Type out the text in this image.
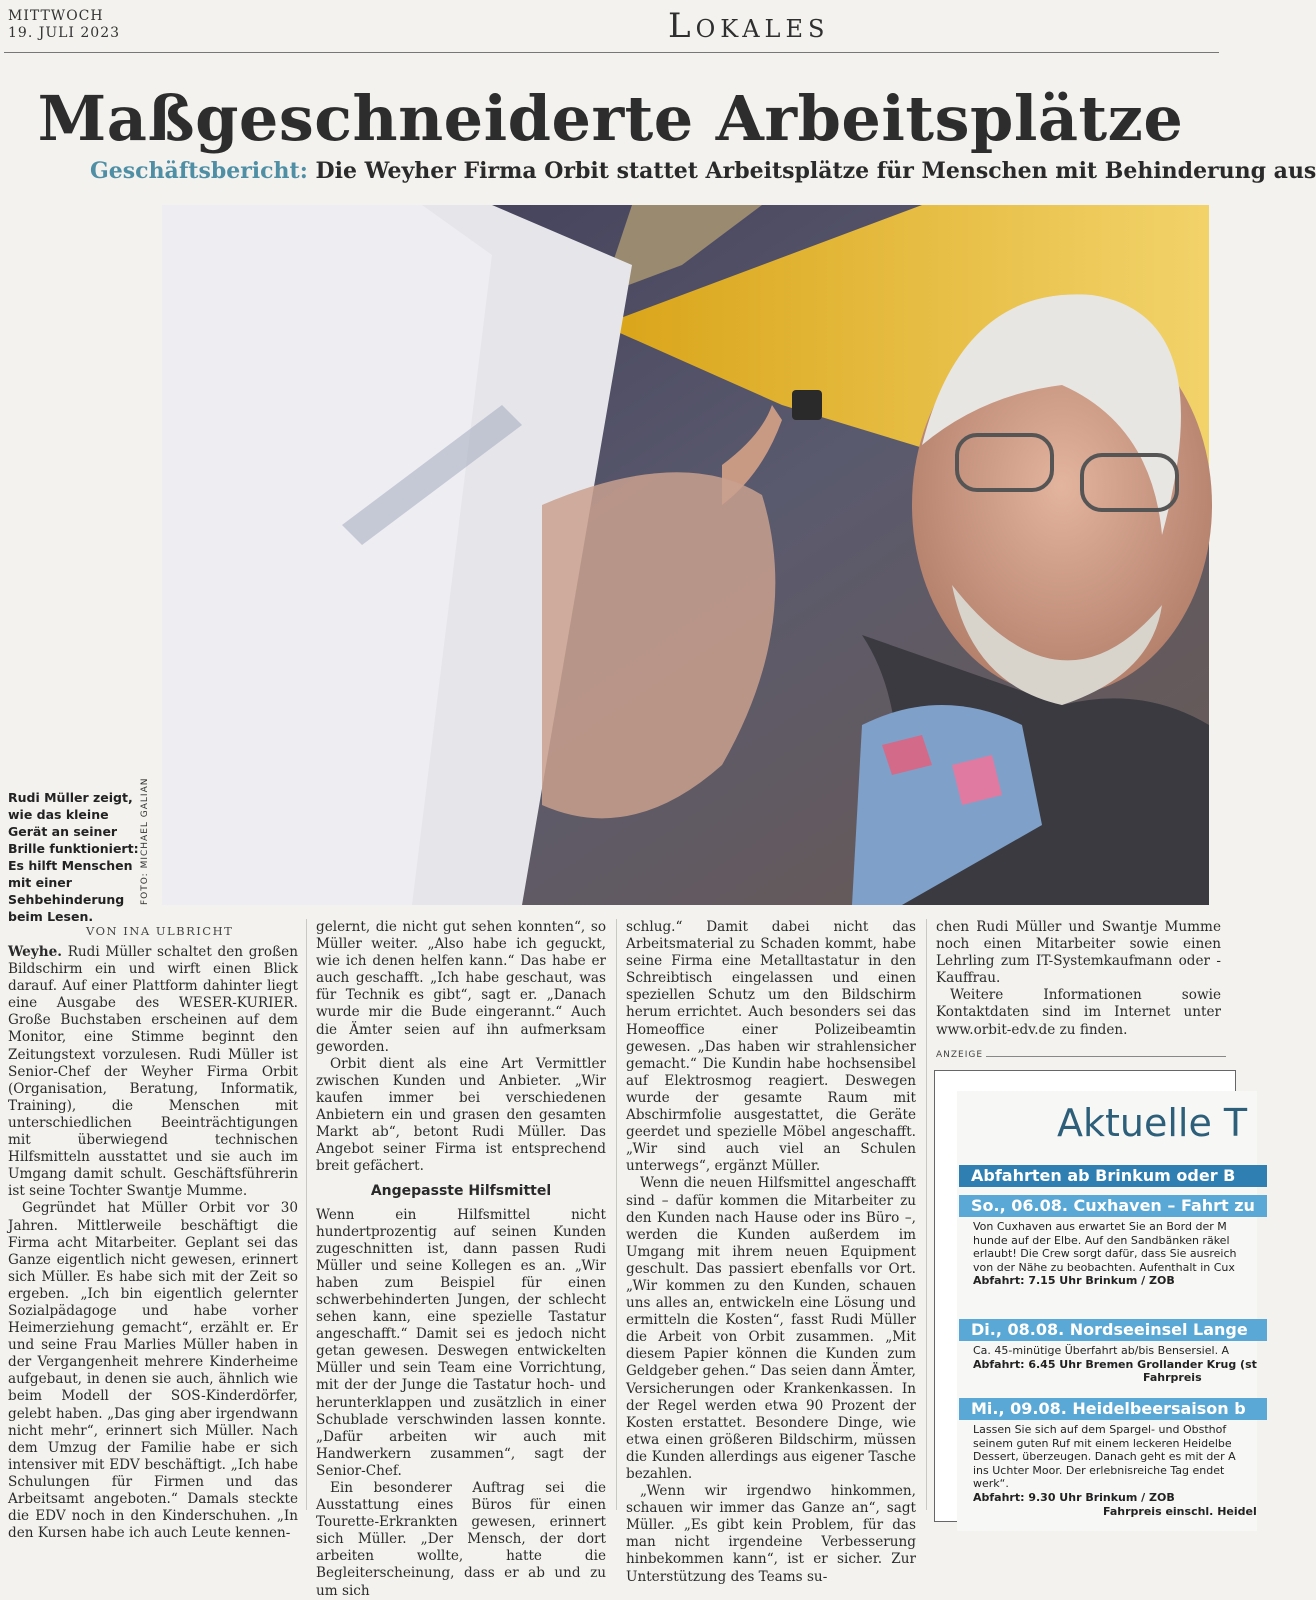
MITTWOCH
19. JULI 2023	Lokales
Maßgeschneiderte Arbeitsplätze
Geschäftsbericht: Die Weyher Firma Orbit stattet Arbeitsplätze für Menschen mit Behinderung aus
Rudi Müller zeigt, wie das kleine Gerät an seiner Brille funktioniert: Es hilft Menschen mit einer Sehbehinderung beim Lesen.
FOTO: MICHAEL GALIAN
VON INA ULBRICHT

Weyhe. Rudi Müller schaltet den großen Bildschirm ein und wirft einen Blick darauf. Auf einer Plattform dahinter liegt eine Ausgabe des WESER-KURIER. Große Buchstaben erscheinen auf dem Monitor, eine Stimme beginnt den Zeitungstext vorzulesen. Rudi Müller ist Senior-Chef der Weyher Firma Orbit (Organisation, Beratung, Informatik, Training), die Menschen mit unterschiedlichen Beeinträchtigungen mit überwiegend technischen Hilfsmitteln ausstattet und sie auch im Umgang damit schult. Geschäftsführerin ist seine Tochter Swantje Mumme.

Gegründet hat Müller Orbit vor 30 Jahren. Mittlerweile beschäftigt die Firma acht Mitarbeiter. Geplant sei das Ganze eigentlich nicht gewesen, erinnert sich Müller. Es habe sich mit der Zeit so ergeben. „Ich bin eigentlich gelernter Sozialpädagoge und habe vorher Heimerziehung gemacht“, erzählt er. Er und seine Frau Marlies Müller haben in der Vergangenheit mehrere Kinderheime aufgebaut, in denen sie auch, ähnlich wie beim Modell der SOS-Kinderdörfer, gelebt haben. „Das ging aber irgendwann nicht mehr“, erinnert sich Müller. Nach dem Umzug der Familie habe er sich intensiver mit EDV beschäftigt. „Ich habe Schulungen für Firmen und das Arbeitsamt angeboten.“ Damals steckte die EDV noch in den Kinderschuhen. „In den Kursen habe ich auch Leute kennen-

gelernt, die nicht gut sehen konnten“, so Müller weiter. „Also habe ich geguckt, wie ich denen helfen kann.“ Das habe er auch geschafft. „Ich habe geschaut, was für Technik es gibt“, sagt er. „Danach wurde mir die Bude eingerannt.“ Auch die Ämter seien auf ihn aufmerksam geworden.

Orbit dient als eine Art Vermittler zwischen Kunden und Anbieter. „Wir kaufen immer bei verschiedenen Anbietern ein und grasen den gesamten Markt ab“, betont Rudi Müller. Das Angebot seiner Firma ist entsprechend breit gefächert.

Angepasste Hilfsmittel

Wenn ein Hilfsmittel nicht hundertprozentig auf seinen Kunden zugeschnitten ist, dann passen Rudi Müller und seine Kollegen es an. „Wir haben zum Beispiel für einen schwerbehinderten Jungen, der schlecht sehen kann, eine spezielle Tastatur angeschafft.“ Damit sei es jedoch nicht getan gewesen. Deswegen entwickelten Müller und sein Team eine Vorrichtung, mit der der Junge die Tastatur hoch- und herunterklappen und zusätzlich in einer Schublade verschwinden lassen konnte. „Dafür arbeiten wir auch mit Handwerkern zusammen“, sagt der Senior-Chef.

Ein besonderer Auftrag sei die Ausstattung eines Büros für einen Tourette-Erkrankten gewesen, erinnert sich Müller. „Der Mensch, der dort arbeiten wollte, hatte die Begleiterscheinung, dass er ab und zu um sich

schlug.“ Damit dabei nicht das Arbeitsmaterial zu Schaden kommt, habe seine Firma eine Metalltastatur in den Schreibtisch eingelassen und einen speziellen Schutz um den Bildschirm herum errichtet. Auch besonders sei das Homeoffice einer Polizeibeamtin gewesen. „Das haben wir strahlensicher gemacht.“ Die Kundin habe hochsensibel auf Elektrosmog reagiert. Deswegen wurde der gesamte Raum mit Abschirmfolie ausgestattet, die Geräte geerdet und spezielle Möbel angeschafft. „Wir sind auch viel an Schulen unterwegs“, ergänzt Müller.

Wenn die neuen Hilfsmittel angeschafft sind – dafür kommen die Mitarbeiter zu den Kunden nach Hause oder ins Büro –, werden die Kunden außerdem im Umgang mit ihrem neuen Equipment geschult. Das passiert ebenfalls vor Ort. „Wir kommen zu den Kunden, schauen uns alles an, entwickeln eine Lösung und ermitteln die Kosten“, fasst Rudi Müller die Arbeit von Orbit zusammen. „Mit diesem Papier können die Kunden zum Geldgeber gehen.“ Das seien dann Ämter, Versicherungen oder Krankenkassen. In der Regel werden etwa 90 Prozent der Kosten erstattet. Besondere Dinge, wie etwa einen größeren Bildschirm, müssen die Kunden allerdings aus eigener Tasche bezahlen.

„Wenn wir irgendwo hinkommen, schauen wir immer das Ganze an“, sagt Müller. „Es gibt kein Problem, für das man nicht irgendeine Verbesserung hinbekommen kann“, ist er sicher. Zur Unterstützung des Teams su-

chen Rudi Müller und Swantje Mumme noch einen Mitarbeiter sowie einen Lehrling zum IT-Systemkaufmann oder -Kauffrau.

Weitere Informationen sowie Kontaktdaten sind im Internet unter www.orbit-edv.de zu finden.

ANZEIGE
Aktuelle T
Abfahrten ab Brinkum oder B
So., 06.08. Cuxhaven – Fahrt zu
Von Cuxhaven aus erwartet Sie an Bord der M
hunde auf der Elbe. Auf den Sandbänken räkel
erlaubt! Die Crew sorgt dafür, dass Sie ausreich
von der Nähe zu beobachten. Aufenthalt in Cux
Abfahrt: 7.15 Uhr Brinkum / ZOB
Di., 08.08. Nordseeinsel Lange
Ca. 45-minütige Überfahrt ab/bis Bensersiel. A
Abfahrt: 6.45 Uhr Bremen Grollander Krug (st
Fahrpreis
Mi., 09.08. Heidelbeersaison b
Lassen Sie sich auf dem Spargel- und Obsthof
seinem guten Ruf mit einem leckeren Heidelbe
Dessert, überzeugen. Danach geht es mit der A
ins Uchter Moor. Der erlebnisreiche Tag endet
werk“.
Abfahrt: 9.30 Uhr Brinkum / ZOB
Fahrpreis einschl. Heidel
